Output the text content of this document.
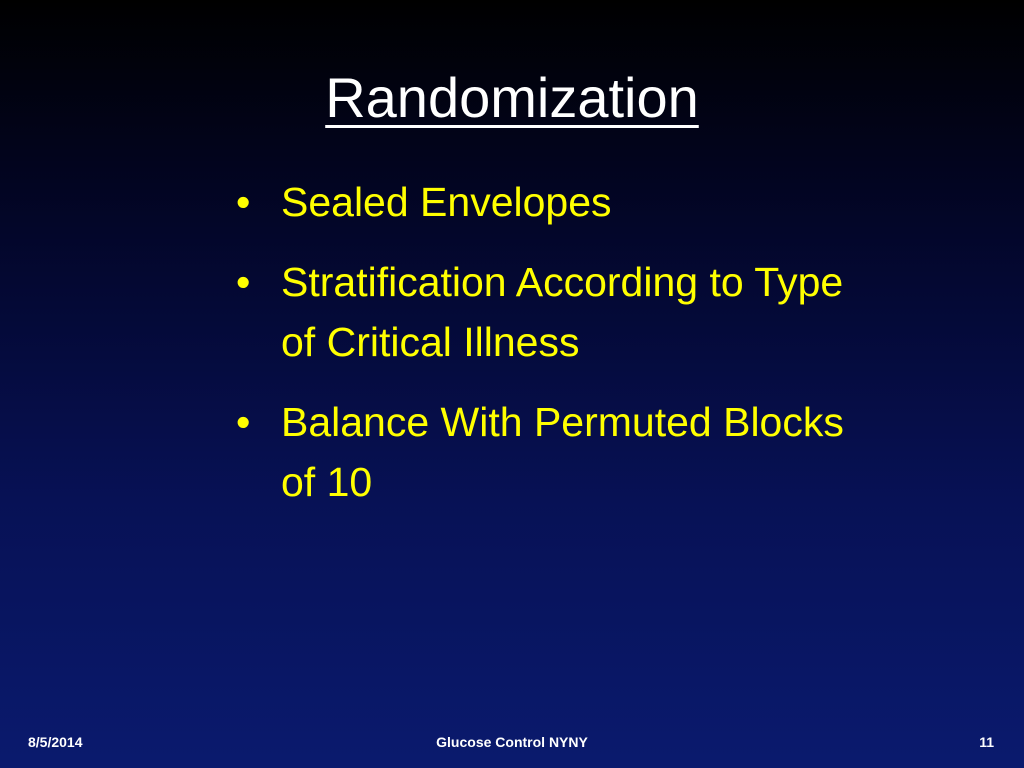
Randomization
• Sealed Envelopes
• Stratification According to Type of Critical Illness
• Balance With Permuted Blocks of 10
8/5/2014	Glucose Control NYNY	11
